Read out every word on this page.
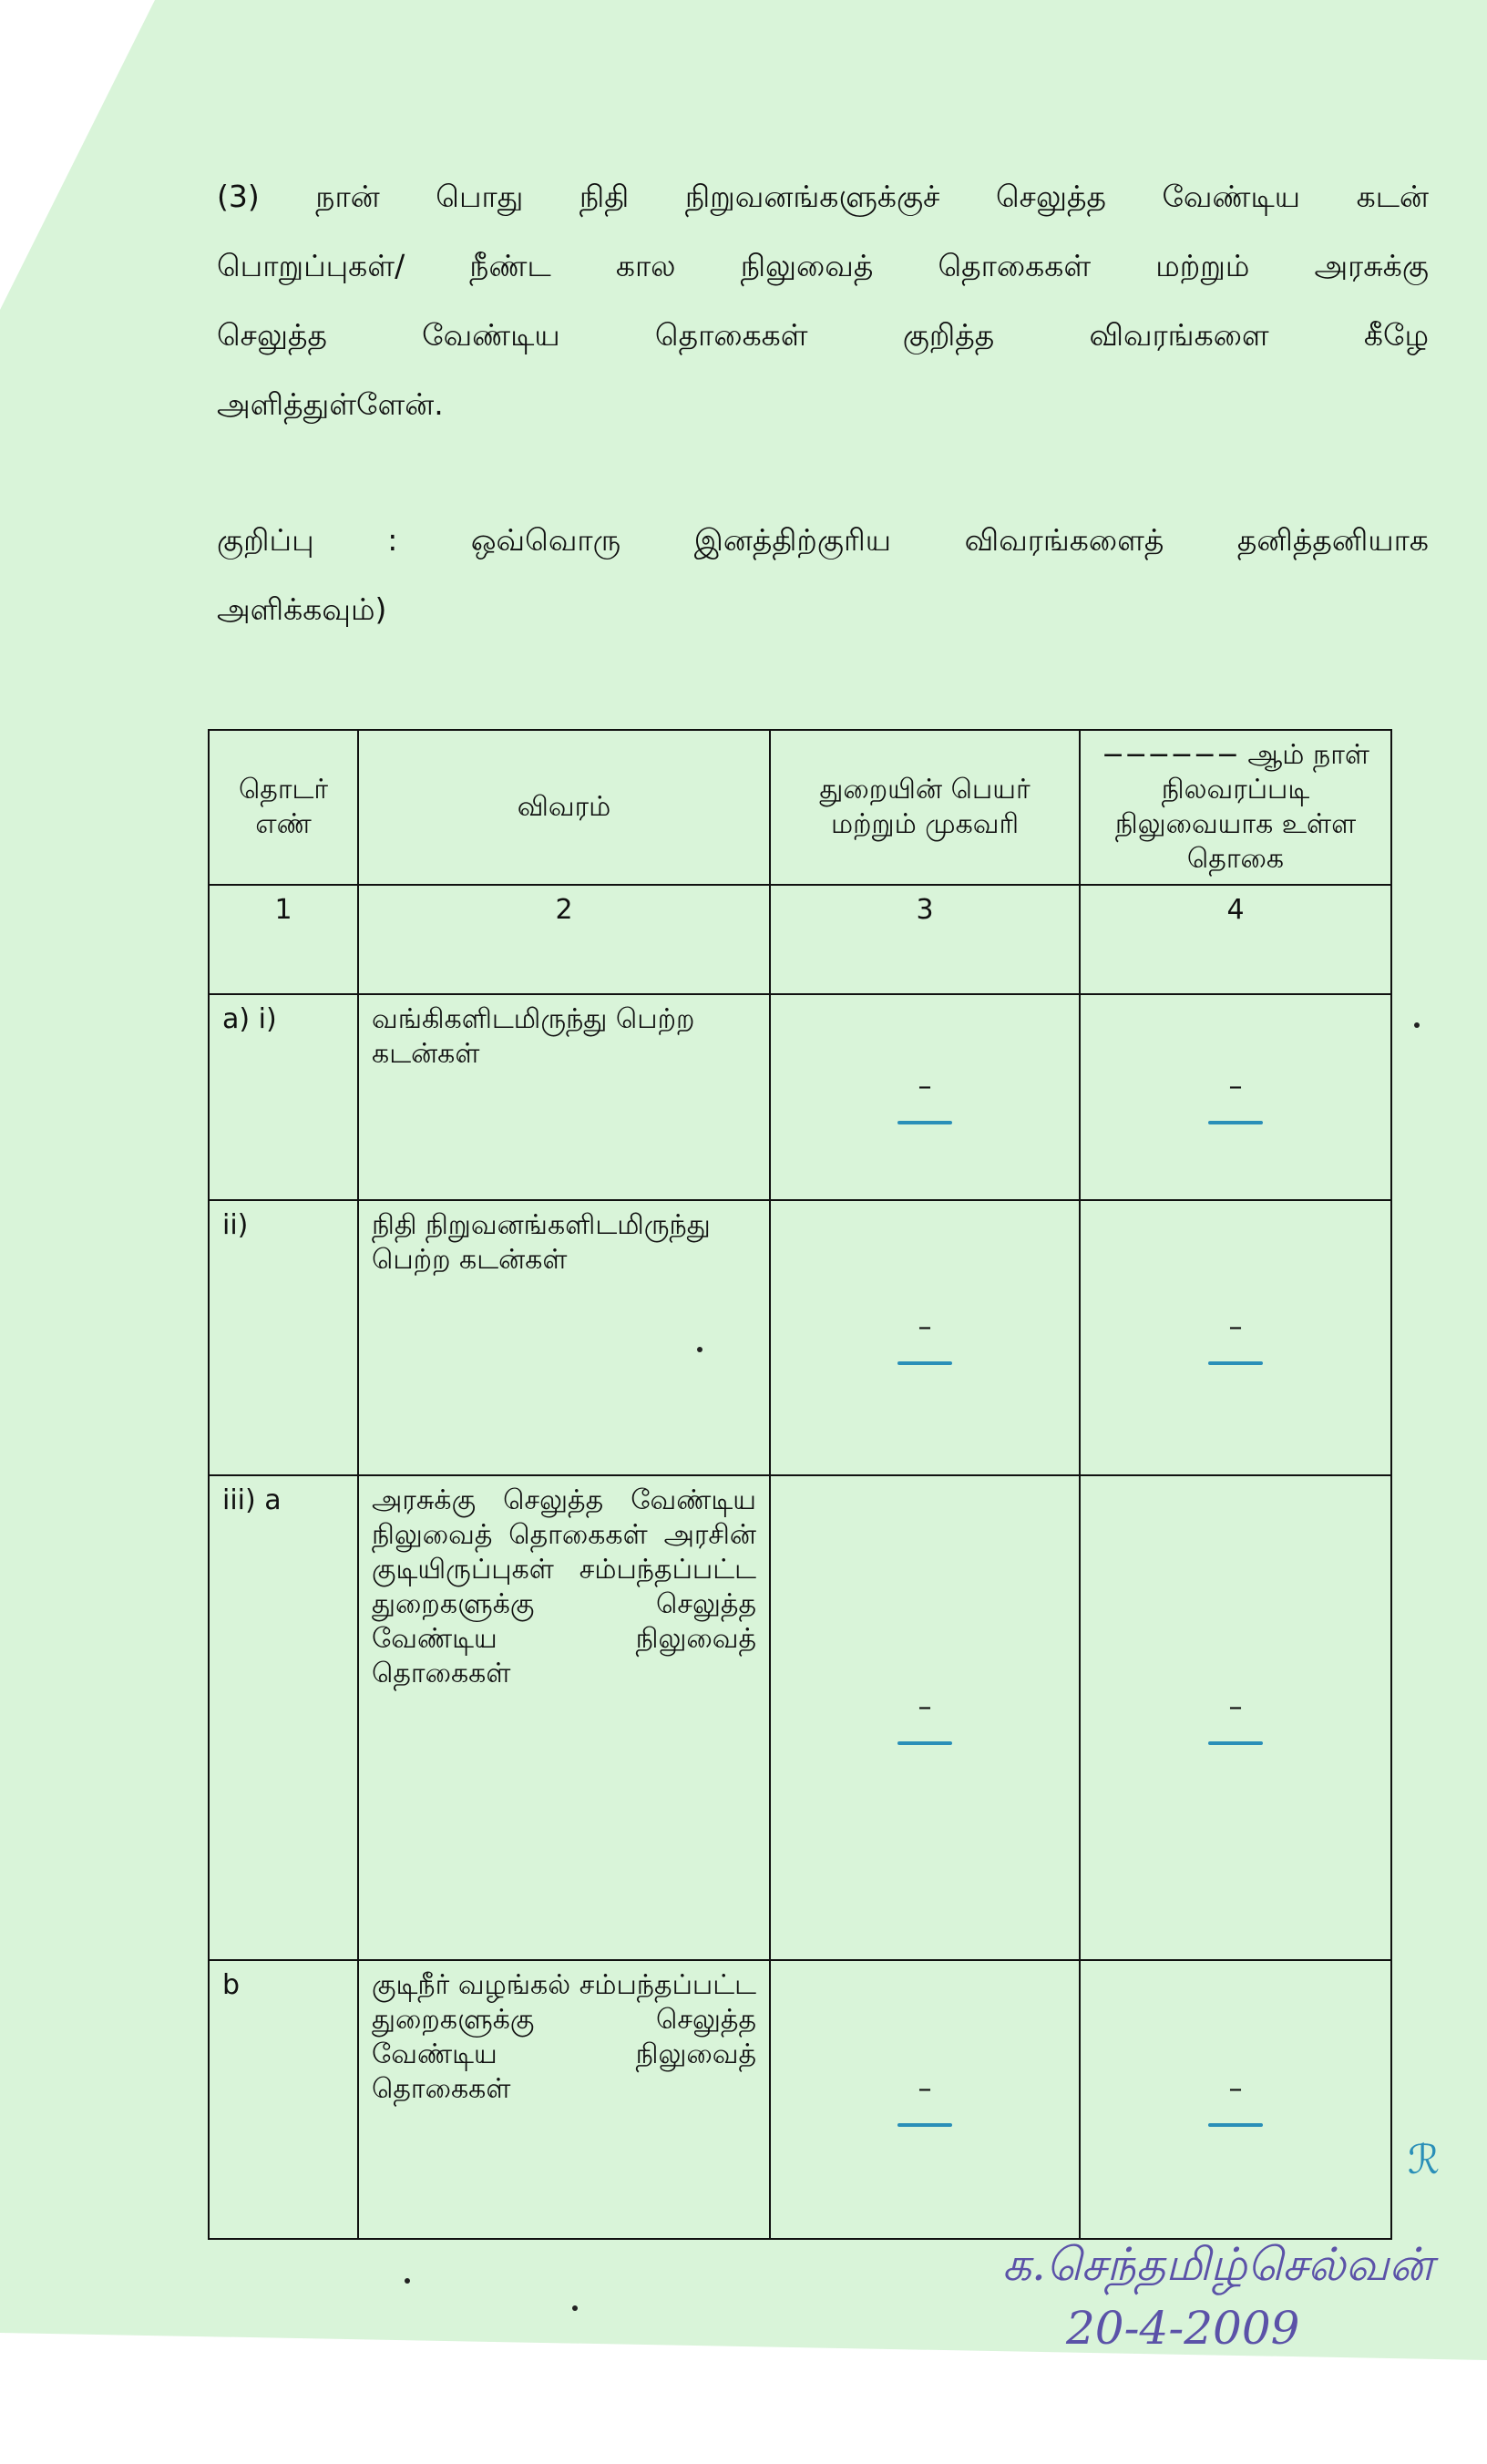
(3) நான் பொது நிதி நிறுவனங்களுக்குச் செலுத்த வேண்டிய கடன்
பொறுப்புகள்/ நீண்ட கால நிலுவைத் தொகைகள் மற்றும் அரசுக்கு
செலுத்த வேண்டிய தொகைகள் குறித்த விவரங்களை கீழே
அளித்துள்ளேன்.
குறிப்பு : ஒவ்வொரு இனத்திற்குரிய விவரங்களைத் தனித்தனியாக
அளிக்கவும்)
தொடர் எண்	விவரம்	துறையின் பெயர் மற்றும் முகவரி	−−−−−− ஆம் நாள் நிலவரப்படி நிலுவையாக உள்ள தொகை
1	2	3	4
a) i)	வங்கிகளிடமிருந்து பெற்ற கடன்கள்	–	–

ii)	நிதி நிறுவனங்களிடமிருந்து பெற்ற கடன்கள்	–	–

iii) a	அரசுக்கு செலுத்த வேண்டிய நிலுவைத் தொகைகள் அரசின் குடியிருப்புகள் சம்பந்தப்பட்ட துறைகளுக்கு செலுத்த வேண்டிய நிலுவைத் தொகைகள்	–	–

b	குடிநீர் வழங்கல் சம்பந்தப்பட்ட துறைகளுக்கு செலுத்த வேண்டிய நிலுவைத் தொகைகள்	–	–
ℛ
க.செந்தமிழ்செல்வன்
20-4-2009
